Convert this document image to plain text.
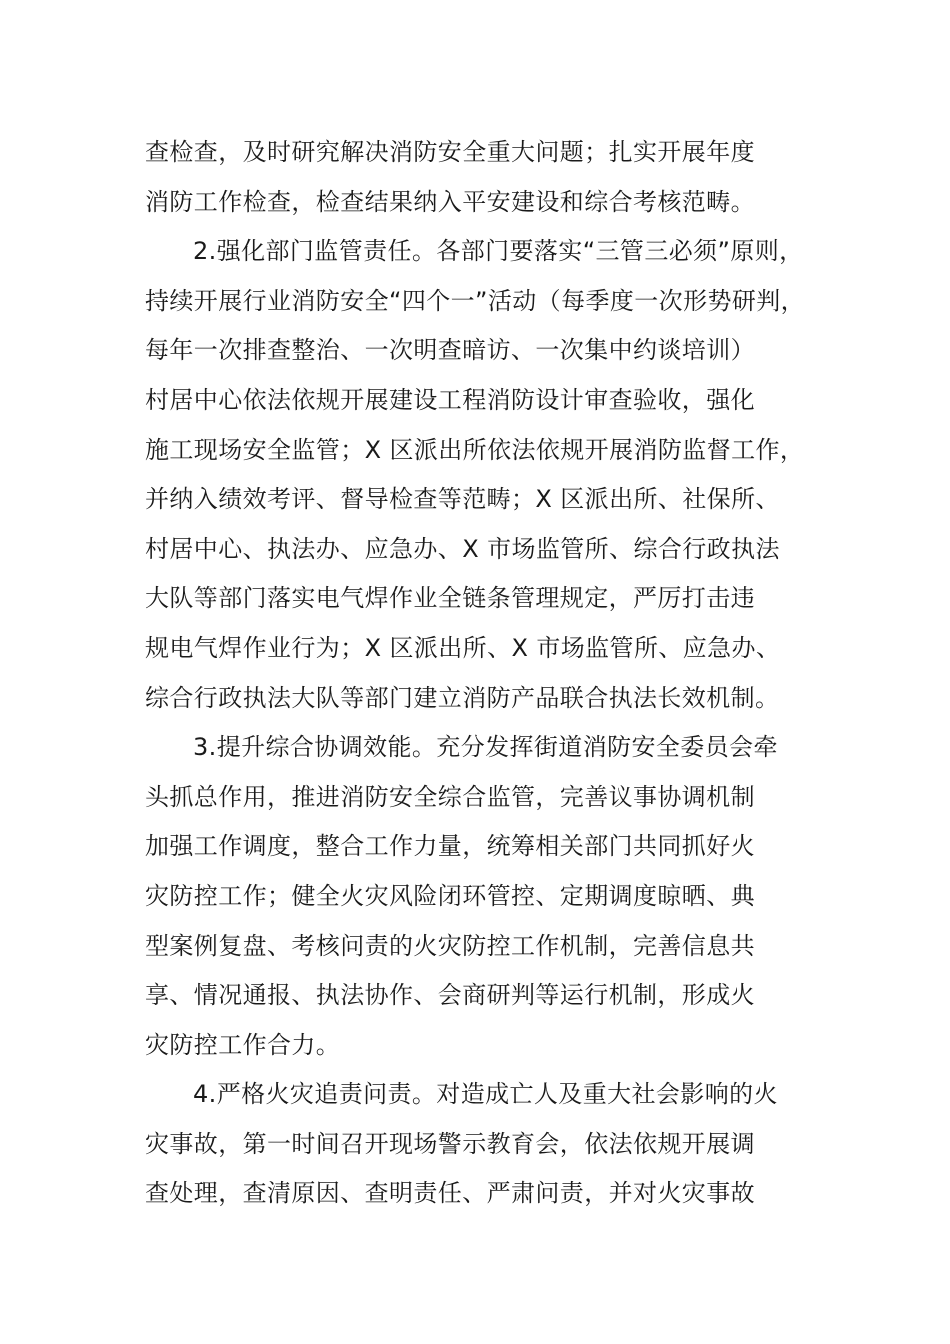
查检查，及时研究解决消防安全重大问题；扎实开展年度
消防工作检查，检查结果纳入平安建设和综合考核范畴。
2.强化部门监管责任。各部门要落实“三管三必须”原则，
持续开展行业消防安全“四个一”活动（每季度一次形势研判，
每年一次排查整治、一次明查暗访、一次集中约谈培训）
村居中心依法依规开展建设工程消防设计审查验收，强化
施工现场安全监管；X 区派出所依法依规开展消防监督工作，
并纳入绩效考评、督导检查等范畴；X 区派出所、社保所、
村居中心、执法办、应急办、X 市场监管所、综合行政执法
大队等部门落实电气焊作业全链条管理规定，严厉打击违
规电气焊作业行为；X 区派出所、X 市场监管所、应急办、
综合行政执法大队等部门建立消防产品联合执法长效机制。
3.提升综合协调效能。充分发挥街道消防安全委员会牵
头抓总作用，推进消防安全综合监管，完善议事协调机制
加强工作调度，整合工作力量，统筹相关部门共同抓好火
灾防控工作；健全火灾风险闭环管控、定期调度晾晒、典
型案例复盘、考核问责的火灾防控工作机制，完善信息共
享、情况通报、执法协作、会商研判等运行机制，形成火
灾防控工作合力。
4.严格火灾追责问责。对造成亡人及重大社会影响的火
灾事故，第一时间召开现场警示教育会，依法依规开展调
查处理，查清原因、查明责任、严肃问责，并对火灾事故
